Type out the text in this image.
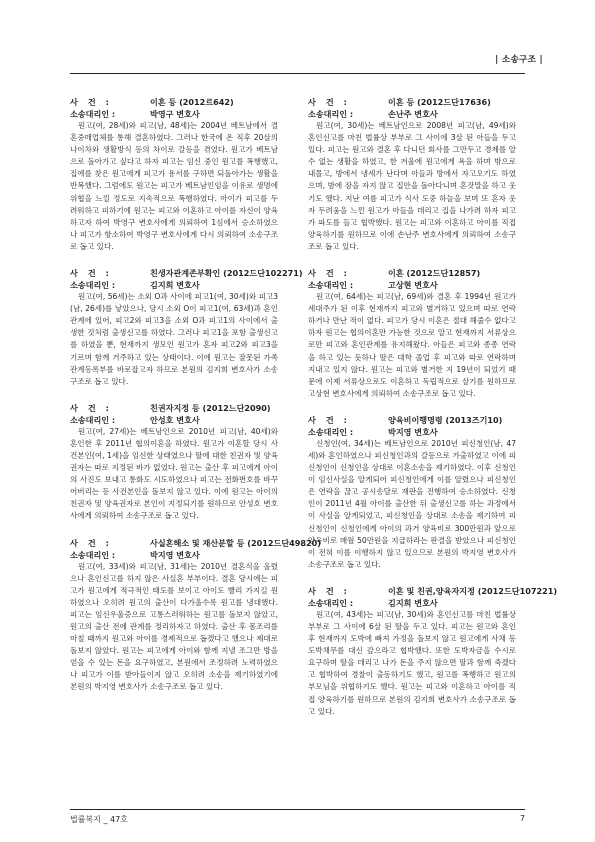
| 소송구조 |
사 건 :	이혼 등 (2012르642)
소송대리인 :	박영구 변호사

원고(여, 28세)와 피고(남, 48세)는 2004년 베트남에서 결혼중매업체를 통해 결혼하였다. 그러나 한국에 온 직후 20살의 나이차와 생활방식 등의 차이로 갈등을 겪었다. 원고가 베트남으로 돌아가고 싶다고 하자 피고는 임신 중인 원고를 폭행했고, 집에를 찾은 원고에게 피고가 용서를 구하면 되돌아가는 생활을 반복했다. 그럼에도 원고는 피고가 베트남인임을 이유로 생명에 위협을 느낄 정도로 지속적으로 폭행하였다. 아이가 피고를 두려워하고 피하기에 원고는 피고와 이혼하고 아이를 자신이 양육하고자 하여 박영구 변호사에게 의뢰하여 1심에서 승소하였으나 피고가 항소하여 박영구 변호사에게 다시 의뢰하여 소송구조로 돕고 있다.

사 건 :	친생자관계존부확인 (2012드단102271)
소송대리인 :	김지희 변호사

원고(여, 56세)는 소외 O과 사이에 피고1(여, 30세)와 피고3(남, 26세)를 낳았으나, 당시 소외 O이 피고1(여, 63세)과 혼인관계에 있어, 피고2와 피고3을 소외 O과 피고1의 사이에서 출생한 것처럼 출생신고를 하였다. 그러나 피고1을 포함 출생신고를 하였을 뿐, 현재까지 생모인 원고가 혼자 피고2와 피고3을 기르며 함께 거주하고 있는 상태이다. 이에 원고는 잘못된 가족관계등록부를 바로잡고자 하므로 본원의 김지희 변호사가 소송구조로 돕고 있다.

사 건 :	친권자지정 등 (2012느단2090)
소송대리인 :	안성호 변호사

원고(여, 27세)는 베트남인으로 2010년 피고(남, 40세)와 혼인한 후 2011년 협의이혼을 하였다. 원고가 이혼할 당시 사건본인(여, 1세)을 임신한 상태였으나 딸에 대한 친권자 및 양육권자는 따로 지정된 바가 없었다. 원고는 출산 후 피고에게 아이의 사진도 보내고 통화도 시도하였으나 피고는 전화번호를 바꾸어버리는 등 사건본인을 돌보지 않고 있다. 이에 원고는 아이의 친권자 및 양육권자로 본인이 지정되기를 원하므로 안성호 변호사에게 의뢰하여 소송구조로 돕고 있다.

사 건 :	사실혼해소 및 재산분할 등 (2012드단49820)
소송대리인 :	박지영 변호사

원고(여, 33세)와 피고(남, 31세)는 2010년 결혼식을 올렸으나 혼인신고를 하지 않은 사실혼 부부이다. 결혼 당시에는 피고가 원고에게 적극적인 태도를 보이고 아이도 빨리 가지길 원하였으나 오히려 원고의 출산이 다가올수록 원고를 냉대했다. 피고는 임신우울증으로 고통스러워하는 원고를 돌보지 않았고, 원고의 출산 전에 관계를 정리하자고 하였다. 출산 후 몸조리를 마칠 때까지 원고와 아이를 경제적으로 돕겠다고 했으나 제대로 돌보지 않았다. 원고는 피고에게 아이와 함께 지낼 조그만 방을 얻을 수 있는 돈을 요구하였고, 본원에서 조정하려 노력하였으나 피고가 이를 받아들이지 않고 오히려 소송을 제기하였기에 본원의 박지영 변호사가 소송구조로 돕고 있다.

사 건 :	이혼 등 (2012드단17636)
소송대리인 :	손난주 변호사

원고(여, 30세)는 베트남인으로 2008년 피고(남, 49세)와 혼인신고를 마친 법률상 부부로 그 사이에 3살 된 아들을 두고 있다. 피고는 원고와 결혼 후 다니던 회사를 그만두고 경제를 알 수 없는 생활을 하였고, 한 겨울에 원고에게 욕을 하며 밖으로 내몰고, 방에서 냉세가 난다며 아들과 방에서 자고오기도 하였으며, 밤에 잠을 자지 않고 집안을 돌아다니며 혼잣말을 하고 웃기도 했다. 지난 여름 피고가 식사 도중 하늘을 보며 또 혼자 웃자 두려움을 느낀 원고가 아들을 데리고 집을 나가려 하자 피고가 파도를 들고 협박했다. 원고는 피고와 이혼하고 아이를 직접 양육하기를 원하므로 이에 손난주 변호사에게 의뢰하여 소송구조로 돕고 있다.

사 건 :	이혼 (2012드단12857)
소송대리인 :	고상현 변호사

원고(여, 64세)는 피고(남, 69세)와 결혼 후 1994년 원고가 세대주가 된 이후 현재까지 피고와 별거하고 있으며 따로 연락하거나 만난 적이 없다. 피고가 당시 이혼은 절대 해줄수 없다고 하자 원고는 협의이혼만 가능한 것으로 알고 현재까지 서류상으로만 피고와 혼인관계를 유지해왔다. 아들은 피고와 종종 연락을 하고 있는 듯하나 딸은 대학 졸업 후 피고와 따로 연락하며 지내고 있지 않다. 원고는 피고와 별거한 지 19년이 되었기 때문에 이제 서류상으로도 이혼하고 독립적으로 살기를 원하므로 고상현 변호사에게 의뢰하여 소송구조로 돕고 있다.

사 건 :	양육비이행명령 (2013즈기10)
소송대리인 :	박지영 변호사

신청인(여, 34세)는 베트남인으로 2010년 피신청인(남, 47세)와 혼인하였으나 피신청인과의 갈등으로 가출하였고 이에 피신청인이 신청인을 상대로 이혼소송을 제기하였다. 이후 신청인이 임신사실을 알게되어 피신청인에게 이를 알렸으나 피신청인은 연락을 끊고 공시송달로 재판을 진행하여 승소하였다. 신청인이 2011년 4월 아이를 출산한 뒤 출생신고를 하는 과정에서 이 사실을 알게되었고, 피신청인을 상대로 소송을 제기하여 피신청인이 신청인에게 아이의 과거 양육비로 300만원과 앞으로 양육비로 매월 50만원을 지급하라는 판결을 받았으나 피신청인이 전혀 이를 이행하지 않고 있으므로 본원의 박지영 변호사가 소송구조로 돕고 있다.

사 건 :	이혼 및 친권,양육자지정 (2012드단107221)
소송대리인 :	김지희 변호사

원고(여, 43세)는 피고(남, 30세)와 혼인신고를 마친 법률상 부부로 그 사이에 6살 된 딸을 두고 있다. 피고는 원고와 혼인 후 현재까지 도박에 빠져 가정을 돌보지 않고 원고에게 사채 등 도박채무를 대신 갚으라고 협박했다. 또한 도박자금을 수시로 요구하며 딸을 데리고 나가 돈을 주지 않으면 딸과 함께 죽겠다고 협박하여 경찰이 출동하기도 했고, 원고를 폭행하고 원고의 부모님을 위협하기도 했다. 원고는 피고와 이혼하고 아이를 직접 양육하기를 원하므로 본원의 김지희 변호사가 소송구조로 돕고 있다.

법률복지 _ 47호	7
